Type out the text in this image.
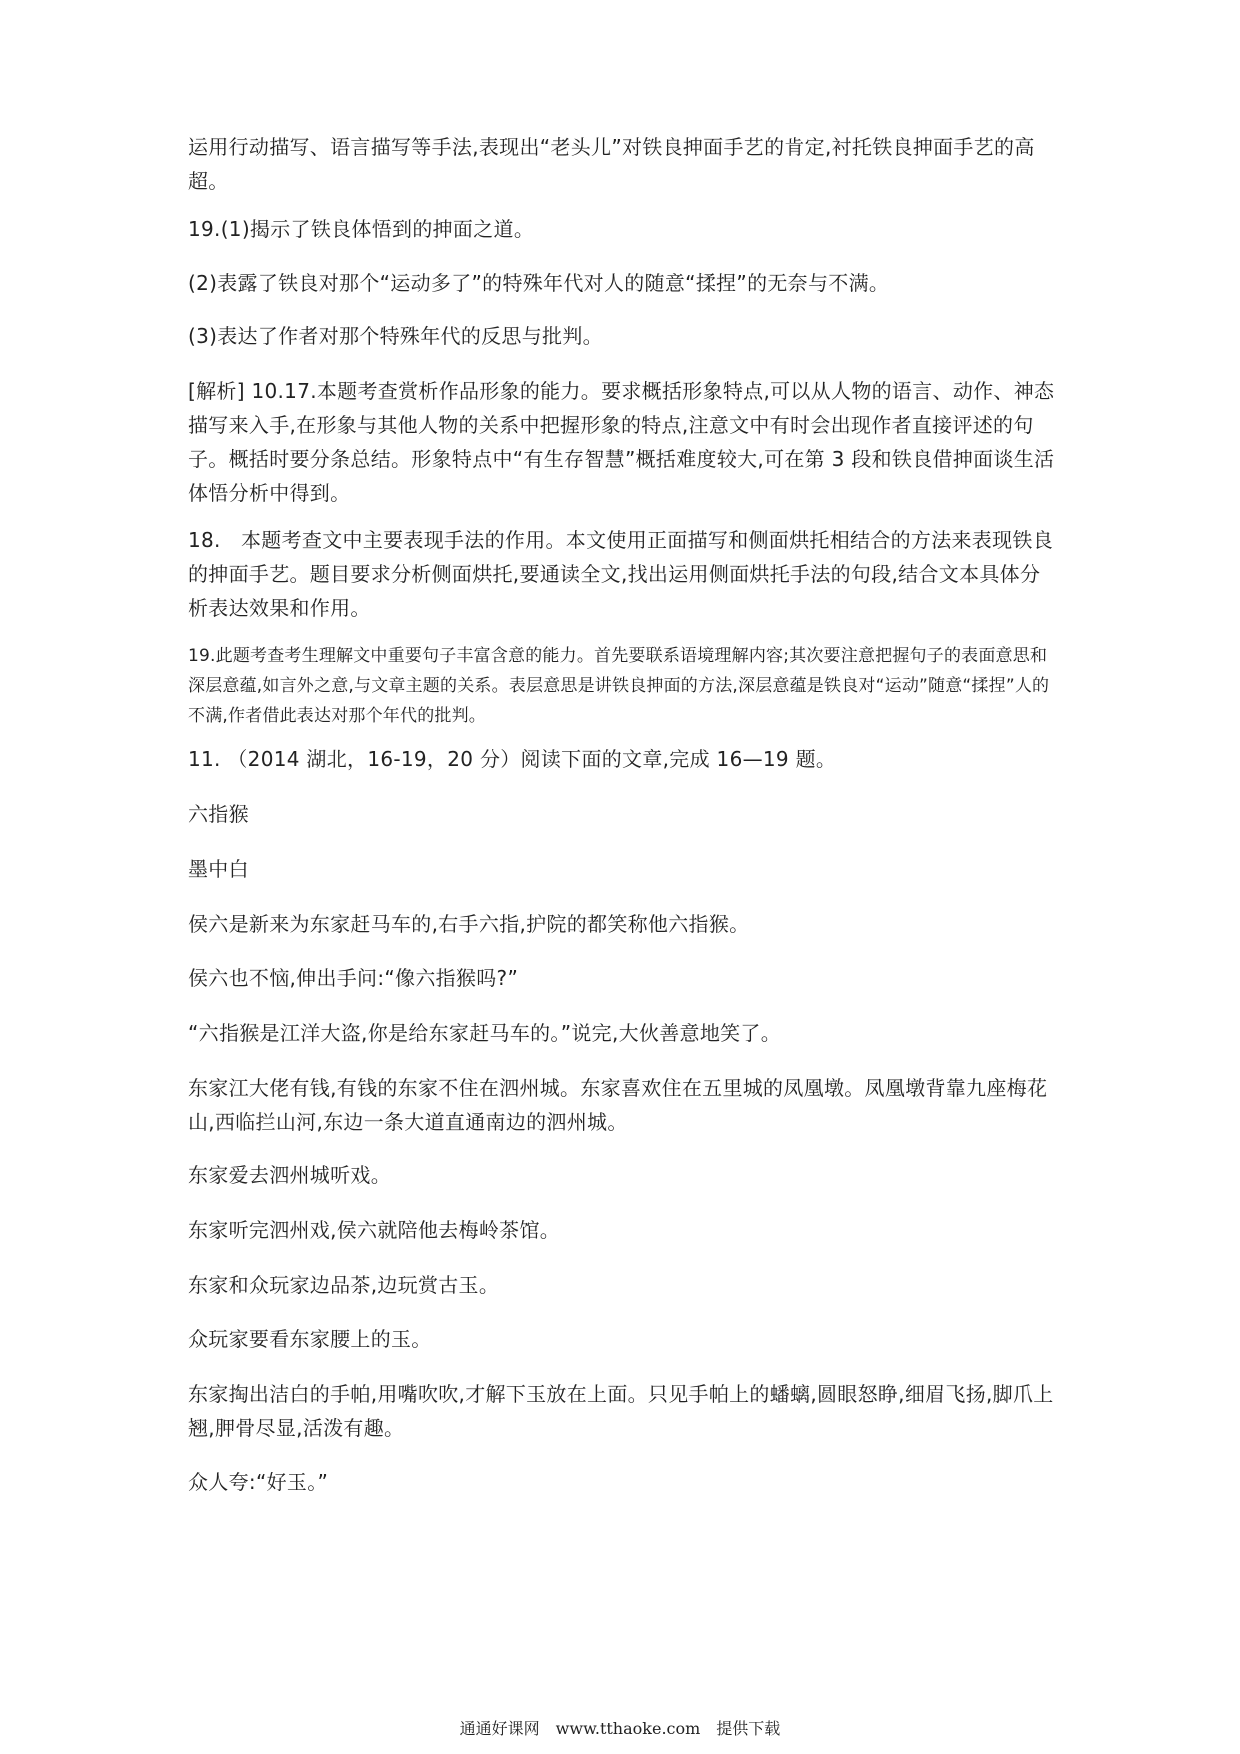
运用行动描写、语言描写等手法,表现出“老头儿”对铁良抻面手艺的肯定,衬托铁良抻面手艺的高超。

19.(1)揭示了铁良体悟到的抻面之道。

(2)表露了铁良对那个“运动多了”的特殊年代对人的随意“揉捏”的无奈与不满。

(3)表达了作者对那个特殊年代的反思与批判。

[解析] 10.17.本题考查赏析作品形象的能力。要求概括形象特点,可以从人物的语言、动作、神态描写来入手,在形象与其他人物的关系中把握形象的特点,注意文中有时会出现作者直接评述的句子。概括时要分条总结。形象特点中“有生存智慧”概括难度较大,可在第 3 段和铁良借抻面谈生活体悟分析中得到。

18.　本题考查文中主要表现手法的作用。本文使用正面描写和侧面烘托相结合的方法来表现铁良的抻面手艺。题目要求分析侧面烘托,要通读全文,找出运用侧面烘托手法的句段,结合文本具体分析表达效果和作用。

19.此题考查考生理解文中重要句子丰富含意的能力。首先要联系语境理解内容;其次要注意把握句子的表面意思和深层意蕴,如言外之意,与文章主题的关系。表层意思是讲铁良抻面的方法,深层意蕴是铁良对“运动”随意“揉捏”人的不满,作者借此表达对那个年代的批判。

11. （2014 湖北，16-19，20 分）阅读下面的文章,完成 16—19 题。

六指猴

墨中白

侯六是新来为东家赶马车的,右手六指,护院的都笑称他六指猴。

侯六也不恼,伸出手问:“像六指猴吗?”

“六指猴是江洋大盗,你是给东家赶马车的。”说完,大伙善意地笑了。

东家江大佬有钱,有钱的东家不住在泗州城。东家喜欢住在五里城的凤凰墩。凤凰墩背靠九座梅花山,西临拦山河,东边一条大道直通南边的泗州城。

东家爱去泗州城听戏。

东家听完泗州戏,侯六就陪他去梅岭茶馆。

东家和众玩家边品茶,边玩赏古玉。

众玩家要看东家腰上的玉。

东家掏出洁白的手帕,用嘴吹吹,才解下玉放在上面。只见手帕上的蟠螭,圆眼怒睁,细眉飞扬,脚爪上翘,胛骨尽显,活泼有趣。

众人夸:“好玉。”

通通好课网　www.tthaoke.com　提供下载
